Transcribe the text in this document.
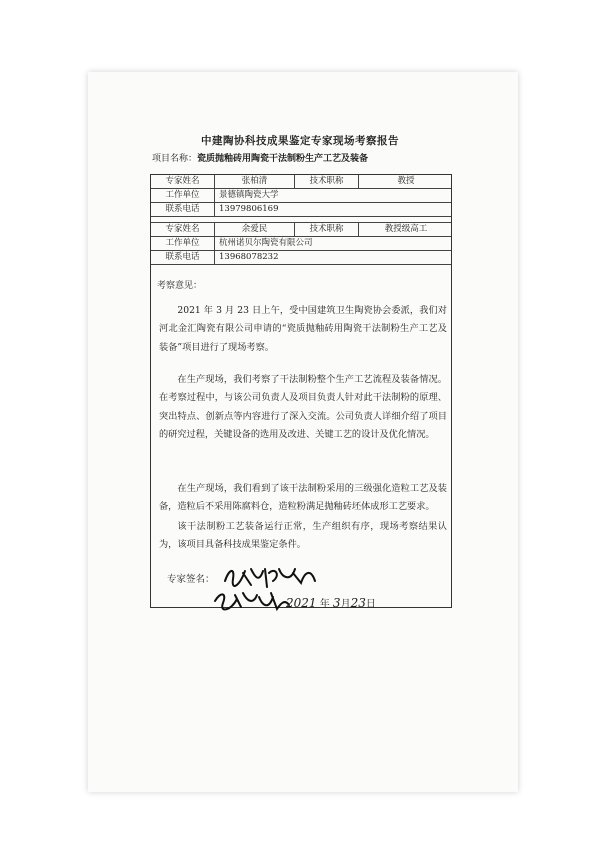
中建陶协科技成果鉴定专家现场考察报告
项目名称：瓷质抛釉砖用陶瓷干法制粉生产工艺及装备
专家姓名	张柏清	技术职称	教授
工作单位	景德镇陶瓷大学
联系电话	13979806169
专家姓名	余爱民	技术职称	教授级高工
工作单位	杭州诺贝尔陶瓷有限公司
联系电话	13968078232
考察意见：
2021 年 3 月 23 日上午，受中国建筑卫生陶瓷协会委派，我们对河北金汇陶瓷有限公司申请的“瓷质抛釉砖用陶瓷干法制粉生产工艺及装备”项目进行了现场考察。
在生产现场，我们考察了干法制粉整个生产工艺流程及装备情况。在考察过程中，与该公司负责人及项目负责人针对此干法制粉的原理、突出特点、创新点等内容进行了深入交流。公司负责人详细介绍了项目的研究过程，关键设备的选用及改进、关键工艺的设计及优化情况。
在生产现场，我们看到了该干法制粉采用的三级强化造粒工艺及装备，造粒后不采用陈腐料仓，造粒粉满足抛釉砖坯体成形工艺要求。
该干法制粉工艺装备运行正常，生产组织有序，现场考察结果认为，该项目具备科技成果鉴定条件。
专家签名：
2021 年 3月23日
